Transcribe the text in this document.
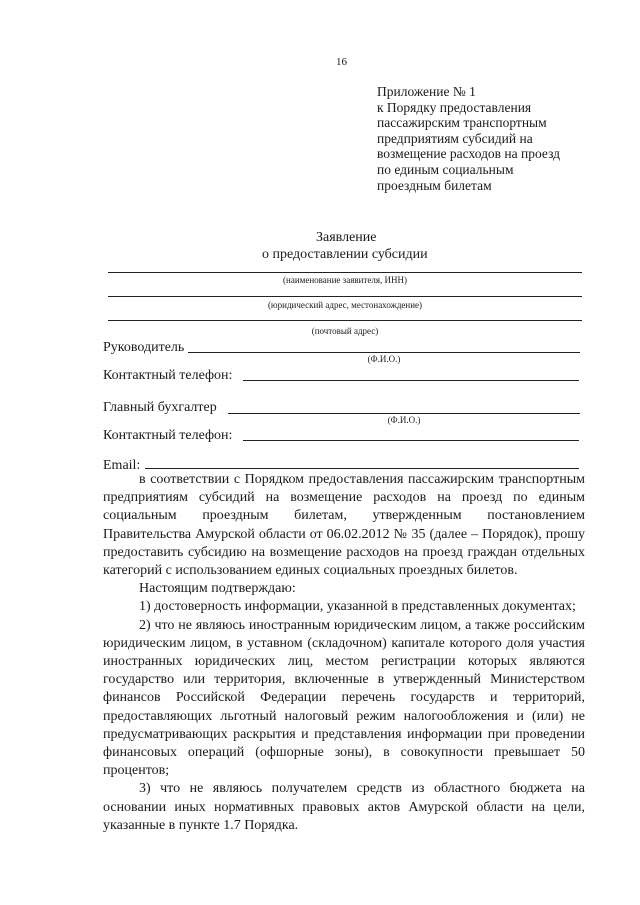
16
Приложение № 1
к Порядку предоставления
пассажирским транспортным
предприятиям субсидий на
возмещение расходов на проезд
по единым социальным
проездным билетам
Заявление
о предоставлении субсидии
(наименование заявителя, ИНН)
(юридический адрес, местонахождение)
(почтовый адрес)
Руководитель
(Ф.И.О.)
Контактный телефон:
Главный бухгалтер
(Ф.И.О.)
Контактный телефон:
Email:

в соответствии с Порядком предоставления пассажирским транспортным предприятиям субсидий на возмещение расходов на проезд по единым социальным проездным билетам, утвержденным постановлением Правительства Амурской области от 06.02.2012 № 35 (далее – Порядок), прошу предоставить субсидию на возмещение расходов на проезд граждан отдельных категорий с использованием единых социальных проездных билетов.

Настоящим подтверждаю:

1) достоверность информации, указанной в представленных документах;

2) что не являюсь иностранным юридическим лицом, а также российским юридическим лицом, в уставном (складочном) капитале которого доля участия иностранных юридических лиц, местом регистрации которых являются государство или территория, включенные в утвержденный Министерством финансов Российской Федерации перечень государств и территорий, предоставляющих льготный налоговый режим налогообложения и (или) не предусматривающих раскрытия и представления информации при проведении финансовых операций (офшорные зоны), в совокупности превышает 50 процентов;

3) что не являюсь получателем средств из областного бюджета на основании иных нормативных правовых актов Амурской области на цели, указанные в пункте 1.7 Порядка.
